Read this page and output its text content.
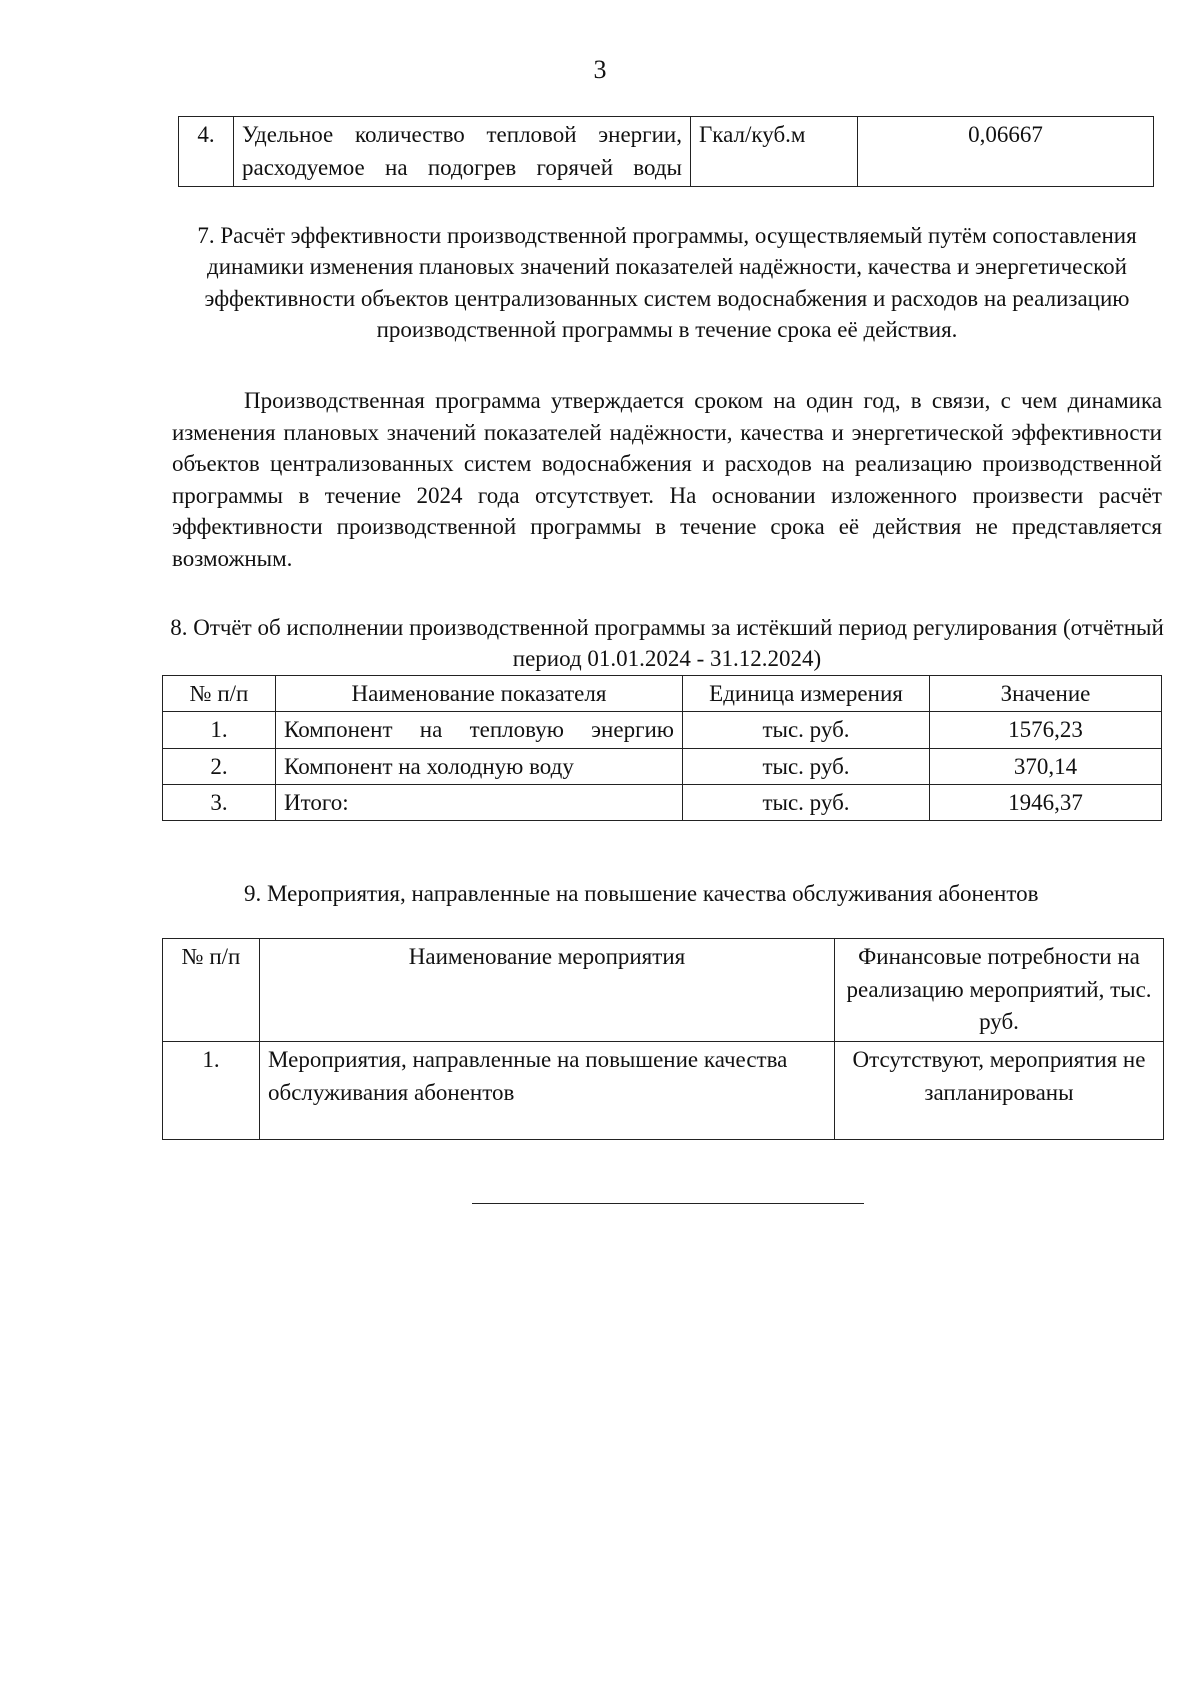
3
4.	Удельное количество тепловой энергии, расходуемое на подогрев горячей воды	Гкал/куб.м	0,06667
7. Расчёт эффективности производственной программы, осуществляемый путём сопоставления динамики изменения плановых значений показателей надёжности, качества и энергетической эффективности объектов централизованных систем водоснабжения и расходов на реализацию производственной программы в течение срока её действия.
Производственная программа утверждается сроком на один год, в связи, с чем динамика изменения плановых значений показателей надёжности, качества и энергетической эффективности объектов централизованных систем водоснабжения и расходов на реализацию производственной программы в течение 2024 года отсутствует. На основании изложенного произвести расчёт эффективности производственной программы в течение срока её действия не представляется возможным.
8. Отчёт об исполнении производственной программы за истёкший период регулирования (отчётный период 01.01.2024 - 31.12.2024)
№ п/п	Наименование показателя	Единица измерения	Значение
1.	Компонент на тепловую энергию	тыс. руб.	1576,23
2.	Компонент на холодную воду	тыс. руб.	370,14
3.	Итого:	тыс. руб.	1946,37
9. Мероприятия, направленные на повышение качества обслуживания абонентов
№ п/п	Наименование мероприятия	Финансовые потребности на реализацию мероприятий, тыс. руб.
1.	Мероприятия, направленные на повышение качества обслуживания абонентов	Отсутствуют, мероприятия не запланированы
